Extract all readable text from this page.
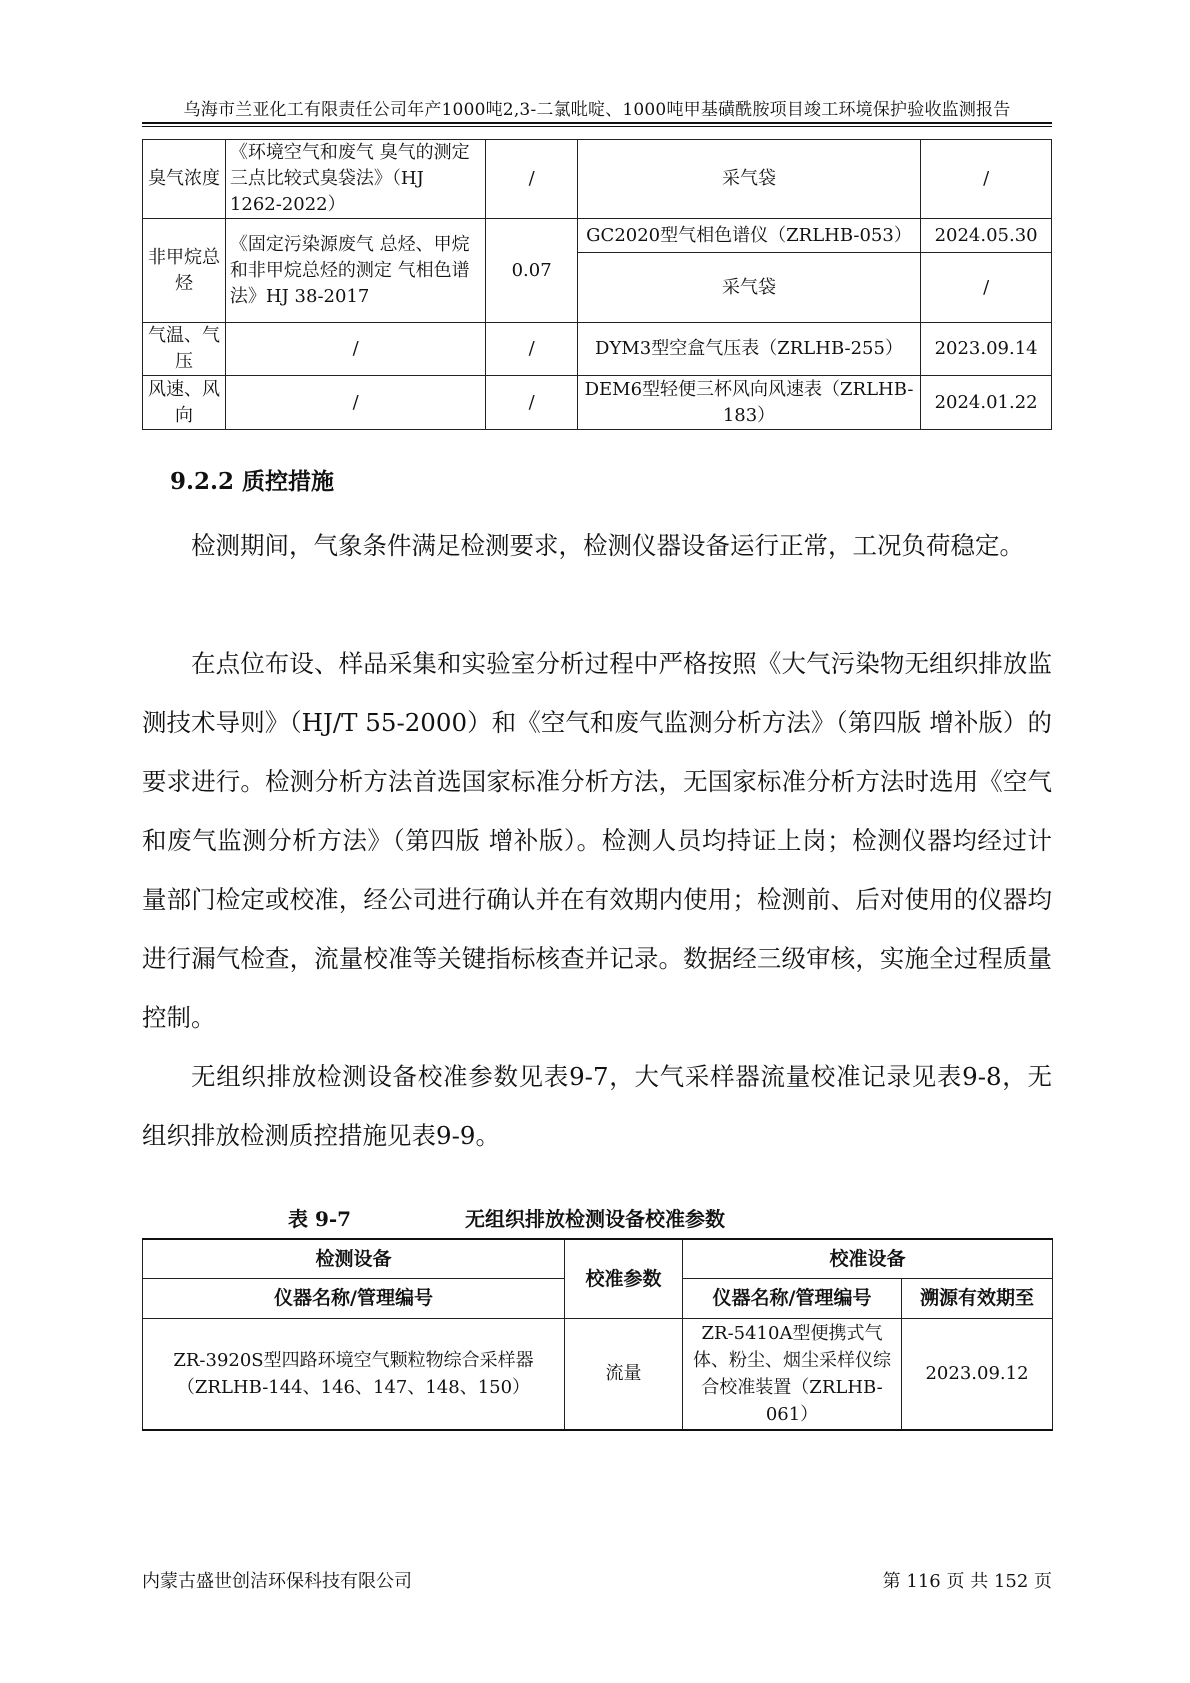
乌海市兰亚化工有限责任公司年产1000吨2,3-二氯吡啶、1000吨甲基磺酰胺项目竣工环境保护验收监测报告
臭气浓度	《环境空气和废气 臭气的测定 三点比较式臭袋法》（HJ 1262-2022）	/	采气袋	/
非甲烷总烃	《固定污染源废气 总烃、甲烷和非甲烷总烃的测定 气相色谱法》HJ 38-2017	0.07	GC2020型气相色谱仪（ZRLHB-053）	2024.05.30
			采气袋	/
气温、气压	/	/	DYM3型空盒气压表（ZRLHB-255）	2023.09.14
风速、风向	/	/	DEM6型轻便三杯风向风速表（ZRLHB-183）	2024.01.22
9.2.2 质控措施
检测期间，气象条件满足检测要求，检测仪器设备运行正常，工况负荷稳定。
在点位布设、样品采集和实验室分析过程中严格按照《大气污染物无组织排放监测技术导则》（HJ/T 55-2000）和《空气和废气监测分析方法》（第四版 增补版）的要求进行。检测分析方法首选国家标准分析方法，无国家标准分析方法时选用《空气和废气监测分析方法》（第四版 增补版）。检测人员均持证上岗；检测仪器均经过计量部门检定或校准，经公司进行确认并在有效期内使用；检测前、后对使用的仪器均进行漏气检查，流量校准等关键指标核查并记录。数据经三级审核，实施全过程质量控制。
无组织排放检测设备校准参数见表9-7，大气采样器流量校准记录见表9-8，无组织排放检测质控措施见表9-9。
表 9-7	无组织排放检测设备校准参数
检测设备	校准参数	校准设备	
仪器名称/管理编号		仪器名称/管理编号	溯源有效期至
ZR-3920S型四路环境空气颗粒物综合采样器（ZRLHB-144、146、147、148、150）	流量	ZR-5410A型便携式气体、粉尘、烟尘采样仪综合校准装置（ZRLHB-061）	2023.09.12
内蒙古盛世创洁环保科技有限公司	第 116 页 共 152 页
